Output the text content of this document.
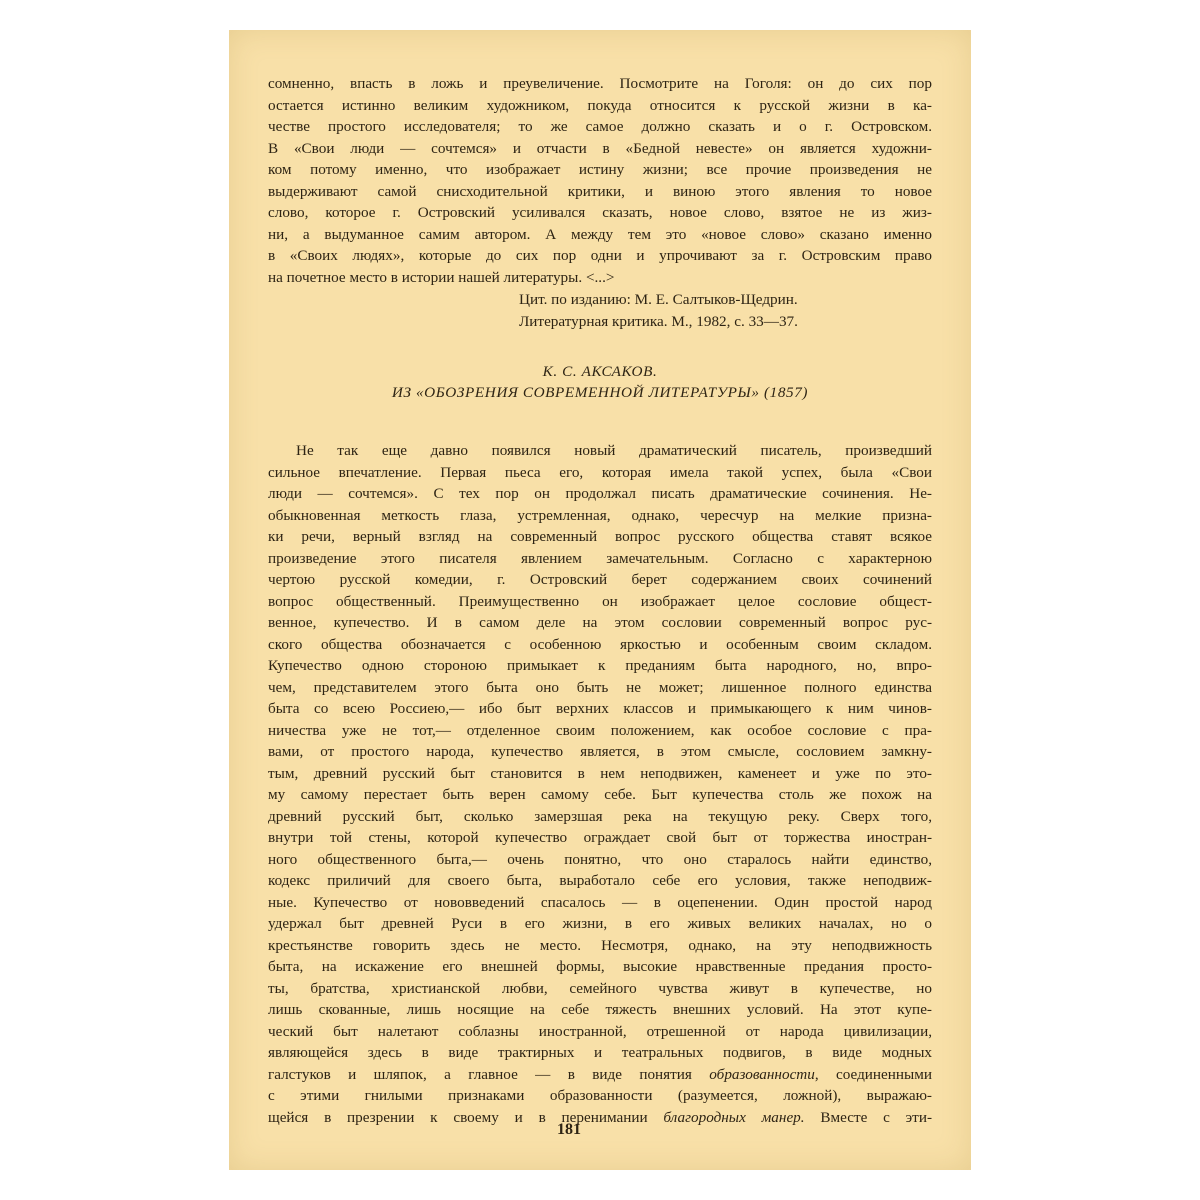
сомненно, впасть в ложь и преувеличение. Посмотрите на Гоголя: он до сих пор
остается истинно великим художником, покуда относится к русской жизни в ка-
честве простого исследователя; то же самое должно сказать и о г. Островском.
В «Свои люди — сочтемся» и отчасти в «Бедной невесте» он является художни-
ком потому именно, что изображает истину жизни; все прочие произведения не
выдерживают самой снисходительной критики, и виною этого явления то новое
слово, которое г. Островский усиливался сказать, новое слово, взятое не из жиз-
ни, а выдуманное самим автором. А между тем это «новое слово» сказано именно
в «Своих людях», которые до сих пор одни и упрочивают за г. Островским право
на почетное место в истории нашей литературы. <...>
Цит. по изданию: М. Е. Салтыков-Щедрин.
Литературная критика. М., 1982, с. 33—37.
К. С. АКСАКОВ.
ИЗ «ОБОЗРЕНИЯ СОВРЕМЕННОЙ ЛИТЕРАТУРЫ» (1857)
Не так еще давно появился новый драматический писатель, произведший
сильное впечатление. Первая пьеса его, которая имела такой успех, была «Свои
люди — сочтемся». С тех пор он продолжал писать драматические сочинения. Не-
обыкновенная меткость глаза, устремленная, однако, чересчур на мелкие призна-
ки речи, верный взгляд на современный вопрос русского общества ставят всякое
произведение этого писателя явлением замечательным. Согласно с характерною
чертою русской комедии, г. Островский берет содержанием своих сочинений
вопрос общественный. Преимущественно он изображает целое сословие общест-
венное, купечество. И в самом деле на этом сословии современный вопрос рус-
ского общества обозначается с особенною яркостью и особенным своим складом.
Купечество одною стороною примыкает к преданиям быта народного, но, впро-
чем, представителем этого быта оно быть не может; лишенное полного единства
быта со всею Россиею,— ибо быт верхних классов и примыкающего к ним чинов-
ничества уже не тот,— отделенное своим положением, как особое сословие с пра-
вами, от простого народа, купечество является, в этом смысле, сословием замкну-
тым, древний русский быт становится в нем неподвижен, каменеет и уже по это-
му самому перестает быть верен самому себе. Быт купечества столь же похож на
древний русский быт, сколько замерзшая река на текущую реку. Сверх того,
внутри той стены, которой купечество ограждает свой быт от торжества иностран-
ного общественного быта,— очень понятно, что оно старалось найти единство,
кодекс приличий для своего быта, выработало себе его условия, также неподвиж-
ные. Купечество от нововведений спасалось — в оцепенении. Один простой народ
удержал быт древней Руси в его жизни, в его живых великих началах, но о
крестьянстве говорить здесь не место. Несмотря, однако, на эту неподвижность
быта, на искажение его внешней формы, высокие нравственные предания просто-
ты, братства, христианской любви, семейного чувства живут в купечестве, но
лишь скованные, лишь носящие на себе тяжесть внешних условий. На этот купе-
ческий быт налетают соблазны иностранной, отрешенной от народа цивилизации,
являющейся здесь в виде трактирных и театральных подвигов, в виде модных
галстуков и шляпок, а главное — в виде понятия образованности, соединенными
с этими гнилыми признаками образованности (разумеется, ложной), выражаю-
щейся в презрении к своему и в перенимании благородных манер. Вместе с эти-
181
